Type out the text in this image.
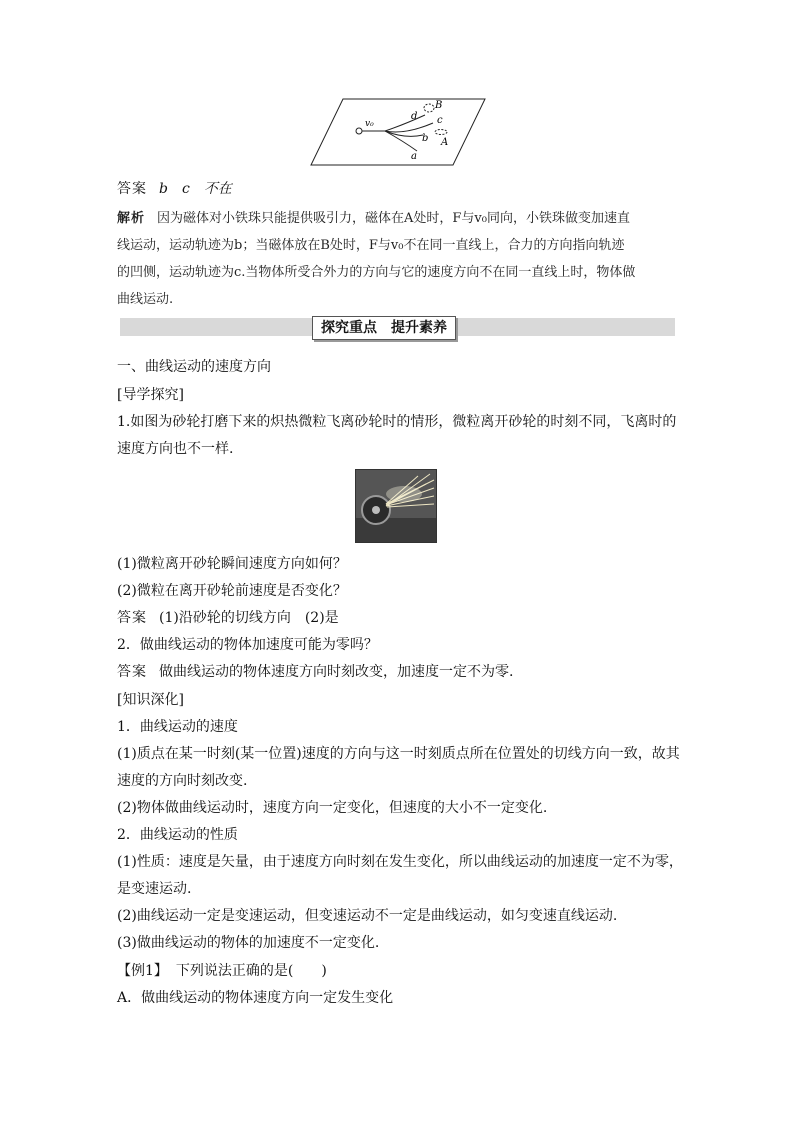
v₀
B
d c
A
b
a
答案 b　c　不在
解析 因为磁体对小铁珠只能提供吸引力，磁体在A处时，F与v₀同向，小铁珠做变加速直
线运动，运动轨迹为b；当磁体放在B处时，F与v₀不在同一直线上，合力的方向指向轨迹
的凹侧，运动轨迹为c.当物体所受合外力的方向与它的速度方向不在同一直线上时，物体做
曲线运动.
探究重点 提升素养
一、曲线运动的速度方向
[导学探究]
1.如图为砂轮打磨下来的炽热微粒飞离砂轮时的情形，微粒离开砂轮的时刻不同，飞离时的
速度方向也不一样.
(1)微粒离开砂轮瞬间速度方向如何？
(2)微粒在离开砂轮前速度是否变化？
答案 (1)沿砂轮的切线方向　(2)是
2．做曲线运动的物体加速度可能为零吗？
答案 做曲线运动的物体速度方向时刻改变，加速度一定不为零.
[知识深化]
1．曲线运动的速度
(1)质点在某一时刻(某一位置)速度的方向与这一时刻质点所在位置处的切线方向一致，故其
速度的方向时刻改变.
(2)物体做曲线运动时，速度方向一定变化，但速度的大小不一定变化.
2．曲线运动的性质
(1)性质：速度是矢量，由于速度方向时刻在发生变化，所以曲线运动的加速度一定不为零，
是变速运动.
(2)曲线运动一定是变速运动，但变速运动不一定是曲线运动，如匀变速直线运动.
(3)做曲线运动的物体的加速度不一定变化.
【例1】 下列说法正确的是(　　)
A．做曲线运动的物体速度方向一定发生变化
